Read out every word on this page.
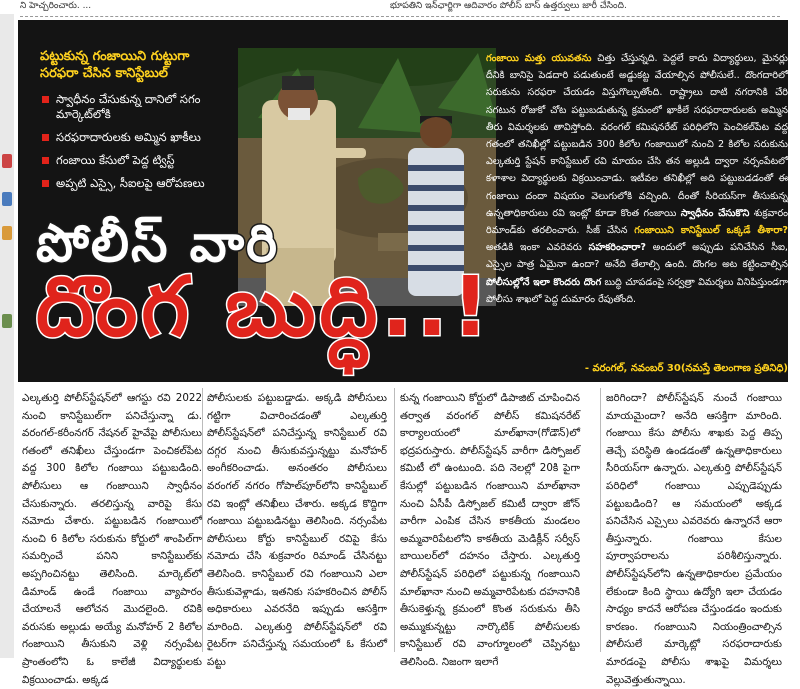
ని హెచ్చరించారు. ...	భూపతిని ఇన్‌ఛార్జిగా ఆదివారం పోలీస్ బాస్ ఉత్తర్వులు జారీ చేసింది.
పట్టుకున్న గంజాయిని గుట్టుగా సరఫరా చేసిన కానిస్టేబుల్
స్వాధీనం చేసుకున్న దానిలో సగం మార్కెట్‌లోకి
సరఫరాదారులకు అమ్మిన ఖాకీలు
గంజాయి కేసులో పెద్ద ట్విస్ట్
అప్పటి ఎస్సై, సీఐలపై ఆరోపణలు
గంజాయి మత్తు యువతను చిత్తు చేస్తున్నది. పెద్దలే కాదు విద్యార్థులు, మైనర్లు దీనికి బానిసై పెడదారి పడుతుంటే అడ్డుకట్ట వేయాల్సిన పోలీసులే.. దొంగదారిలో సరుకును సరఫరా చేయడం విస్తుగొల్పుతోంది. రాష్ట్రాలు దాటి నగరానికి చేరి సగటున రోజుకో చోట పట్టుబడుతున్న క్రమంలో ఖాకీలే సరఫరాదారులకు అమ్మిన తీరు విమర్శలకు తావిస్తోంది. వరంగల్ కమిషనరేట్ పరిధిలోని పెంచికల్‌పేట వద్ద గతంలో తనిఖీల్లో పట్టుబడిన 300 కిలోల గంజాయిలో నుంచి 2 కిలోల సరుకును ఎల్కతుర్తి స్టేషన్ కానిస్టేబుల్ రవి మాయం చేసి తన అల్లుడి ద్వారా నర్సంపేటలో కళాశాల విద్యార్థులకు విక్రయించాడు. ఇటీవల తనిఖీల్లో అది పట్టుబడడంతో ఈ గంజాయి దందా విషయం వెలుగులోకి వచ్చింది. దీంతో సీరియస్‌గా తీసుకున్న ఉన్నతాధికారులు రవి ఇంట్లో కూడా కొంత గంజాయి స్వాధీనం చేసుకొని శుక్రవారం రిమాండ్‌కు తరలించారు. సీజ్ చేసిన గంజాయిని కానిస్టేబుల్ ఒక్కడే తీశారా? అతడికి ఇంకా ఎవరెవరు సహకరించారా? అందులో అప్పుడు పనిచేసిన సీఐ, ఎస్సైల పాత్ర ఏమైనా ఉందా? అనేది తేలాల్సి ఉంది. దొంగల అట కట్టించాల్సిన పోలీసుల్లోనే ఇలా కొందరు దొంగ బుద్ధి చూపడంపై సర్వత్రా విమర్శలు వినిపిస్తుండగా పోలీసు శాఖలో పెద్ద దుమారం రేపుతోంది.
- వరంగల్, నవంబర్ 30(నమస్తే తెలంగాణ ప్రతినిధి)
పోలీస్ వారి
దొంగ బుద్ధి..!
ఎల్కతుర్తి పోలీస్‌స్టేషన్‌లో ఆగస్టు రవి 2022 నుంచి కానిస్టేబుల్‌గా పనిచేస్తున్నా డు. వరంగల్-కరీంనగర్ నేషనల్ హైవేపై పోలీసులు గతంలో తనిఖీలు చేస్తుండగా పెంచికల్‌పేట వద్ద 300 కిలోల గంజాయి పట్టుబడింది. పోలీసులు ఆ గంజాయిని స్వాధీనం చేసుకున్నారు. తరలిస్తున్న వారిపై కేసు నమోదు చేశారు. పట్టుబడిన గంజాయిలో నుంచి 6 కిలోల సరుకును కోర్టులో శాంపిల్‌గా సమర్పించే పనిని కానిస్టేబుల్‌కు అప్పగించినట్టు తెలిసింది. మార్కెట్‌లో డిమాండ్ ఉండే గంజాయి వ్యాపారం చేయాలనే ఆలోచన మొదలైంది. రవికి వరుసకు అల్లుడు అయ్యే మనోహర్ 2 కిలోల గంజాయిని తీసుకుని వెళ్లి నర్సంపేట ప్రాంతంలోని ఓ కాలేజీ విద్యార్థులకు విక్రయించాడు. అక్కడ
పోలీసులకు పట్టుబడ్డాడు. అక్కడి పోలీసులు గట్టిగా విచారించడంతో ఎల్కతుర్తి పోలీస్‌స్టేషన్‌లో పనిచేస్తున్న కానిస్టేబుల్ రవి దగ్గర నుంచి తీసుకువస్తున్నట్టు మనోహర్ అంగీకరించాడు. అనంతరం పోలీసులు వరంగల్ నగరం గోపాల్‌పూర్‌లోని కానిస్టేబుల్ రవి ఇంట్లో తనిఖీలు చేశారు. అక్కడ కొద్దిగా గంజాయి పట్టుబడినట్టు తెలిసింది. నర్సంపేట పోలీసులు కోర్టు కానిస్టేబుల్ రవిపై కేసు నమోదు చేసి శుక్రవారం రిమాండ్ చేసినట్టు తెలిసింది. కానిస్టేబుల్ రవి గంజాయిని ఎలా తీసుకువెళ్లాడు, ఇతనికు సహకరించిన పోలీస్ అధికారులు ఎవరనేది ఇప్పుడు ఆసక్తిగా మారింది. ఎల్కతుర్తి పోలీస్‌స్టేషన్‌లో రవి రైటర్‌గా పనిచేస్తున్న సమయంలో ఓ కేసులో పట్టు
కున్న గంజాయిని కోర్టులో డిపాజిట్ చూపించిన తర్వాత వరంగల్ పోలీస్ కమిషనరేట్ కార్యాలయంలో మాల్‌ఖానా(గోడౌన్)లో భద్రపరుస్తారు. పోలీస్‌స్టేషన్ వారీగా డిస్పోజల్ కమిటీ లో ఉంటుంది. పది నెలల్లో 20కి పైగా కేసుల్లో పట్టుబడిన గంజాయిని మాల్‌ఖానా నుంచి ఏసీపీ డిస్పోజల్ కమిటీ ద్వారా జోన్ వారీగా ఎంపిక చేసిన కాకతీయ మండలం అమ్మవారిపేటలోని కాకతీయ మెడిక్లీన్ సర్వీస్ బాయిలర్‌లో దహనం చేస్తారు. ఎల్కతుర్తి పోలీస్‌స్టేషన్ పరిధిలో పట్టుకున్న గంజాయిని మాల్‌ఖానా నుంచి అమ్మవారిపేటకు దహనానికి తీసుకెళ్తున్న క్రమంలో కొంత సరుకును తీసి అమ్ముకున్నట్టు నార్కొటిక్ పోలీసులకు కానిస్టేబుల్ రవి వాంగ్మూలంలో చెప్పినట్టు తెలిసింది. నిజంగా ఇలాగే
జరిగిందా? పోలీస్‌స్టేషన్ నుంచే గంజాయి మాయమైందా? అనేది ఆసక్తిగా మారింది. గంజాయి కేసు పోలీసు శాఖకు పెద్ద తిప్ప తెచ్చే పరిస్థితి ఉండడంతో ఉన్నతాధికారులు సీరియస్‌గా ఉన్నారు. ఎల్కతుర్తి పోలీస్‌స్టేషన్ పరిధిలో గంజాయి ఎప్పుడెప్పుడు పట్టుబడింది? ఆ సమయంలో అక్కడ పనిచేసిన ఎస్సైలు ఎవరెవరు ఉన్నారనే ఆరా తీస్తున్నారు. గంజాయి కేసుల పూర్వాపరాలను పరిశీలిస్తున్నారు. పోలీస్‌స్టేషన్‌లోని ఉన్నతాధికారుల ప్రమేయం లేకుండా కింది స్థాయి ఉద్యోగి ఇలా చేయడం సాధ్యం కాదనే ఆరోపణ చేస్తుండడం ఇందుకు కారణం. గంజాయిని నియంత్రించాల్సిన పోలీసులే మార్కెట్లో సరఫరాదారుకు మారడంపై పోలీసు శాఖపై విమర్శలు వెల్లువెత్తుతున్నాయి.
